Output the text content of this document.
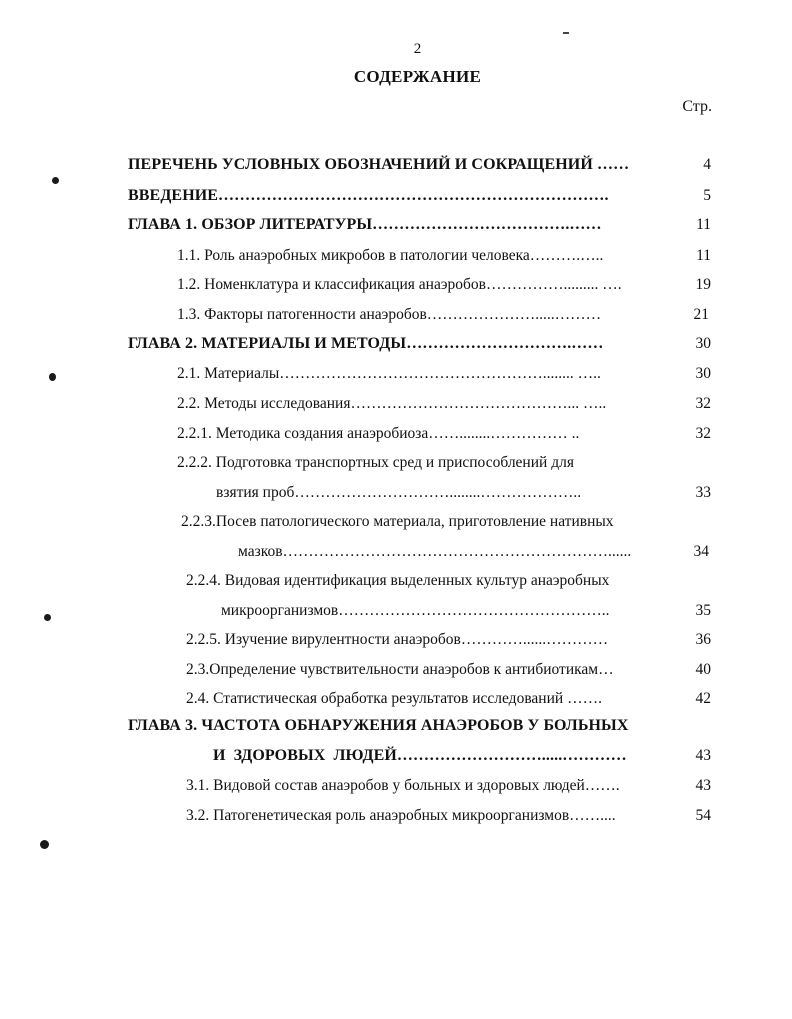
2
СОДЕРЖАНИЕ
Стр.
ПЕРЕЧЕНЬ УСЛОВНЫХ ОБОЗНАЧЕНИЙ И СОКРАЩЕНИЙ ……	4
ВВЕДЕНИЕ……………………………………………………………….	5
ГЛАВА 1. ОБЗОР ЛИТЕРАТУРЫ……………………………….……	11
1.1. Роль анаэробных микробов в патологии человека……….…..	11
1.2. Номенклатура и классификация анаэробов……………......... ….	19
1.3. Факторы патогенности анаэробов………………….....………	21
ГЛАВА 2. МАТЕРИАЛЫ И МЕТОДЫ………………………….……	30
2.1. Материалы……………………………………………........ …..	30
2.2. Методы исследования……………………………………... …..	32
2.2.1. Методика создания анаэробиоза……........…………… ..	32
2.2.2. Подготовка транспортных сред и приспособлений для
взятия проб…………………………........………………..	33
2.2.3.Посев патологического материала, приготовление нативных
мазков………………………………………………………......	34
2.2.4. Видовая идентификация выделенных культур анаэробных
микроорганизмов……………………………………………..	35
2.2.5. Изучение вирулентности анаэробов…………......…………	36
2.3.Определение чувствительности анаэробов к антибиотикам…	40
2.4. Статистическая обработка результатов исследований …….	42
ГЛАВА 3. ЧАСТОТА ОБНАРУЖЕНИЯ АНАЭРОБОВ У БОЛЬНЫХ
И ЗДОРОВЫХ ЛЮДЕЙ……………………….....…………	43
3.1. Видовой состав анаэробов у больных и здоровых людей…….	43
3.2. Патогенетическая роль анаэробных микроорганизмов……....	54
